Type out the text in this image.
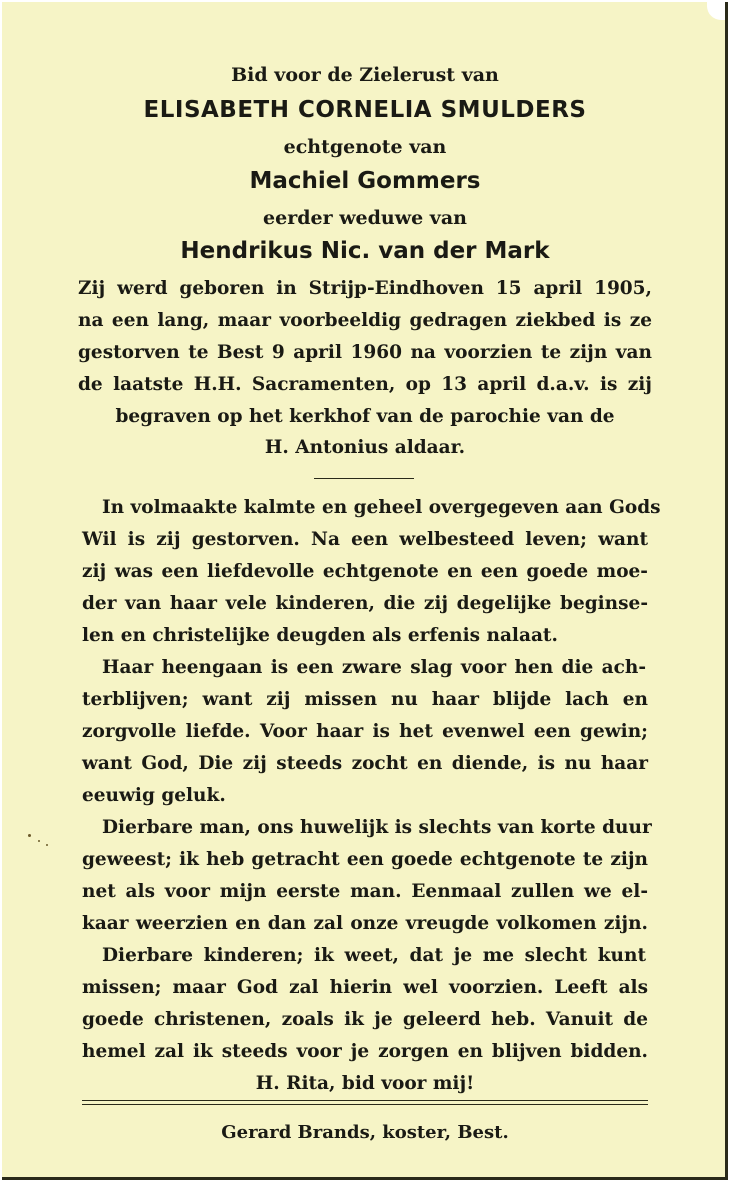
Bid voor de Zielerust van
ELISABETH CORNELIA SMULDERS
echtgenote van
Machiel Gommers
eerder weduwe van
Hendrikus Nic. van der Mark
Zij werd geboren in Strijp-Eindhoven 15 april 1905,
na een lang, maar voorbeeldig gedragen ziekbed is ze
gestorven te Best 9 april 1960 na voorzien te zijn van
de laatste H.H. Sacramenten, op 13 april d.a.v. is zij
begraven op het kerkhof van de parochie van de
H. Antonius aldaar.
In volmaakte kalmte en geheel overgegeven aan Gods
Wil is zij gestorven. Na een welbesteed leven; want
zij was een liefdevolle echtgenote en een goede moe-
der van haar vele kinderen, die zij degelijke beginse-
len en christelijke deugden als erfenis nalaat.
Haar heengaan is een zware slag voor hen die ach-
terblijven; want zij missen nu haar blijde lach en
zorgvolle liefde. Voor haar is het evenwel een gewin;
want God, Die zij steeds zocht en diende, is nu haar
eeuwig geluk.
Dierbare man, ons huwelijk is slechts van korte duur
geweest; ik heb getracht een goede echtgenote te zijn
net als voor mijn eerste man. Eenmaal zullen we el-
kaar weerzien en dan zal onze vreugde volkomen zijn.
Dierbare kinderen; ik weet, dat je me slecht kunt
missen; maar God zal hierin wel voorzien. Leeft als
goede christenen, zoals ik je geleerd heb. Vanuit de
hemel zal ik steeds voor je zorgen en blijven bidden.
H. Rita, bid voor mij!
Gerard Brands, koster, Best.
